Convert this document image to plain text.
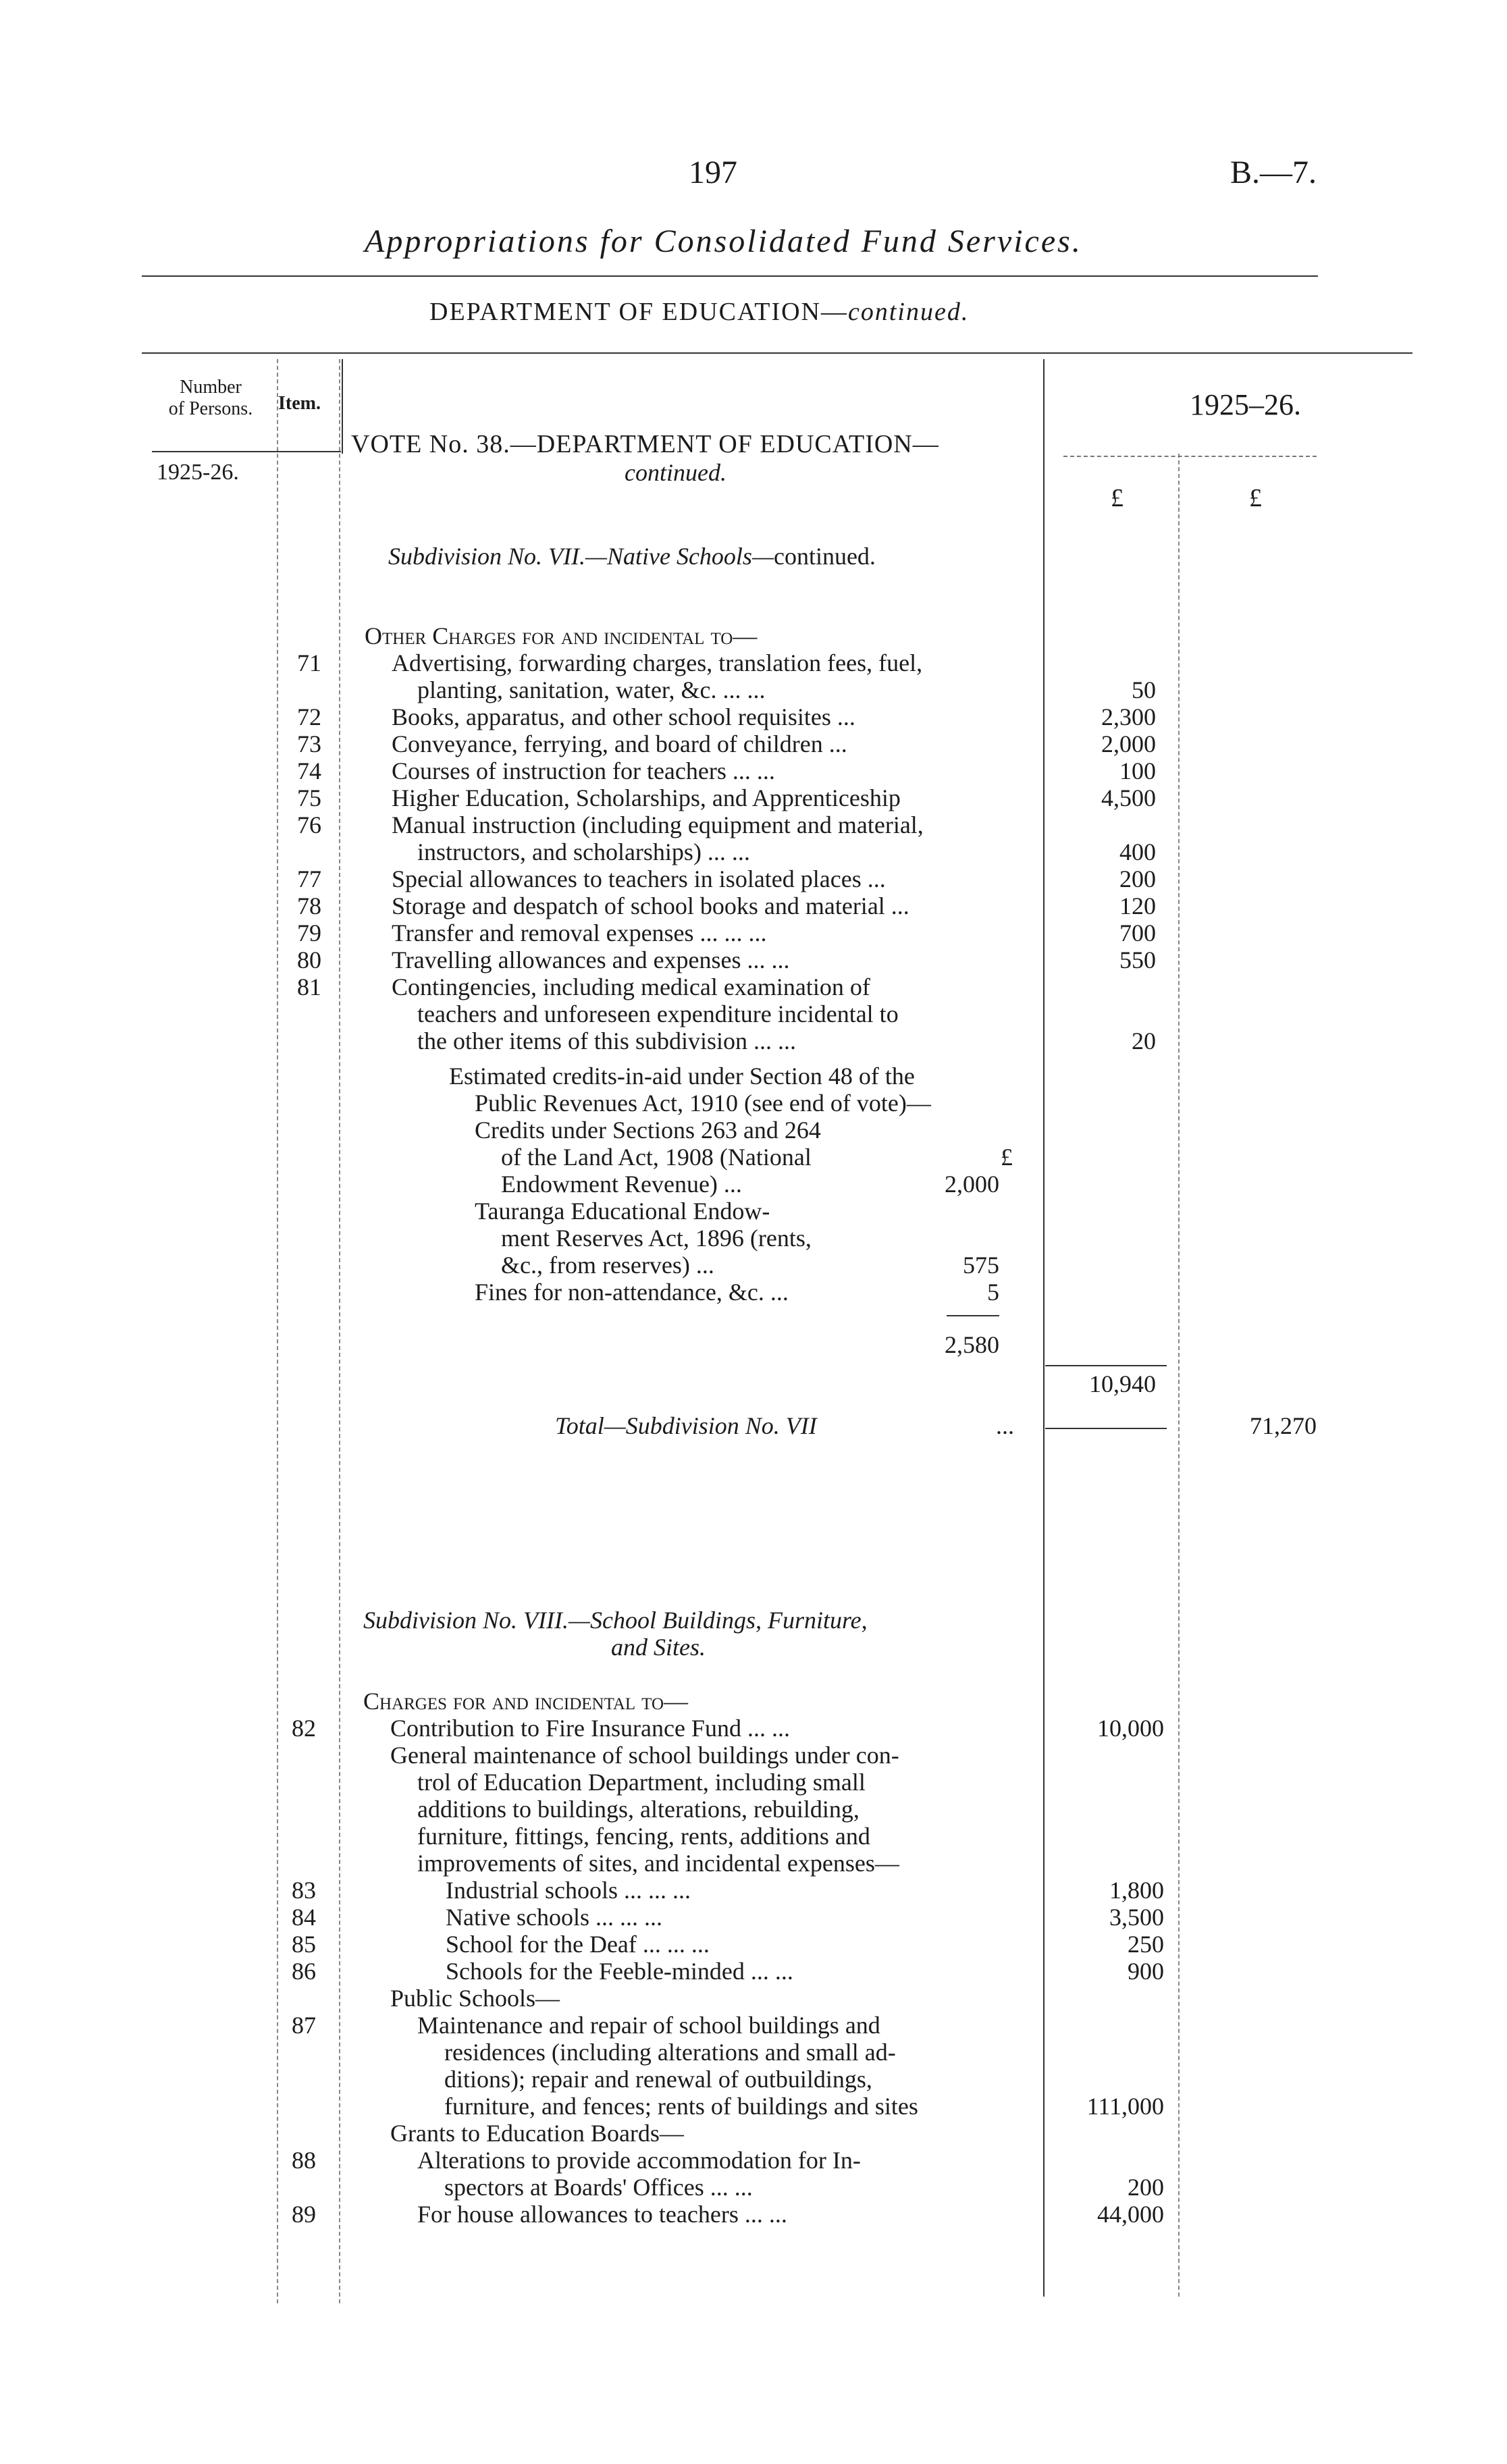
197	B.—7.
Appropriations for Consolidated Fund Services.
DEPARTMENT OF EDUCATION—continued.
Number
of Persons.	Item.
1925-26.
1925–26.
£	£
VOTE No. 38.—DEPARTMENT OF EDUCATION—
continued.
Subdivision No. VII.—Native Schools—continued.
Other Charges for and incidental to—
71	Advertising, forwarding charges, translation fees, fuel,
planting, sanitation, water, &c. ... ...	50
72	Books, apparatus, and other school requisites ...	2,300
73	Conveyance, ferrying, and board of children ...	2,000
74	Courses of instruction for teachers ... ...	100
75	Higher Education, Scholarships, and Apprenticeship	4,500
76	Manual instruction (including equipment and material,
instructors, and scholarships) ... ...	400
77	Special allowances to teachers in isolated places ...	200
78	Storage and despatch of school books and material ...	120
79	Transfer and removal expenses ... ... ...	700
80	Travelling allowances and expenses ... ...	550
81	Contingencies, including medical examination of
teachers and unforeseen expenditure incidental to
the other items of this subdivision ... ...	20
Estimated credits-in-aid under Section 48 of the
Public Revenues Act, 1910 (see end of vote)—
Credits under Sections 263 and 264
of the Land Act, 1908 (National	£
Endowment Revenue) ...	2,000
Tauranga Educational Endow-
ment Reserves Act, 1896 (rents,
&c., from reserves) ...	575
Fines for non-attendance, &c. ...	5
2,580
10,940
Total—Subdivision No. VII	...	71,270
Subdivision No. VIII.—School Buildings, Furniture,
and Sites.
Charges for and incidental to—
82	Contribution to Fire Insurance Fund ... ...	10,000
General maintenance of school buildings under con-
trol of Education Department, including small
additions to buildings, alterations, rebuilding,
furniture, fittings, fencing, rents, additions and
improvements of sites, and incidental expenses—
83	Industrial schools ... ... ...	1,800
84	Native schools ... ... ...	3,500
85	School for the Deaf ... ... ...	250
86	Schools for the Feeble-minded ... ...	900
Public Schools—
87	Maintenance and repair of school buildings and
residences (including alterations and small ad-
ditions); repair and renewal of outbuildings,
furniture, and fences; rents of buildings and sites	111,000
Grants to Education Boards—
88	Alterations to provide accommodation for In-
spectors at Boards' Offices ... ...	200
89	For house allowances to teachers ... ...	44,000
